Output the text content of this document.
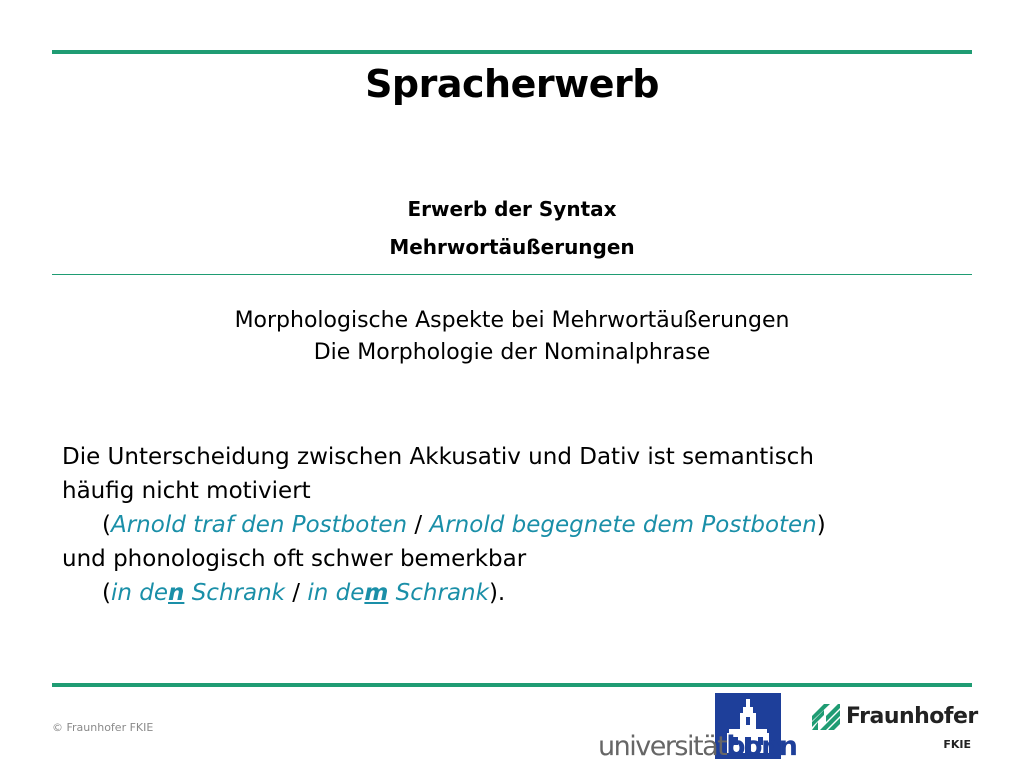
Spracherwerb
Erwerb der Syntax
Mehrwortäußerungen
Morphologische Aspekte bei Mehrwortäußerungen
Die Morphologie der Nominalphrase
Die Unterscheidung zwischen Akkusativ und Dativ ist semantisch
häufig nicht motiviert
(Arnold traf den Postboten / Arnold begegnete dem Postboten)
und phonologisch oft schwer bemerkbar
(in den Schrank / in dem Schrank).
© Fraunhofer FKIE
universitätbonn
Fraunhofer
FKIE
